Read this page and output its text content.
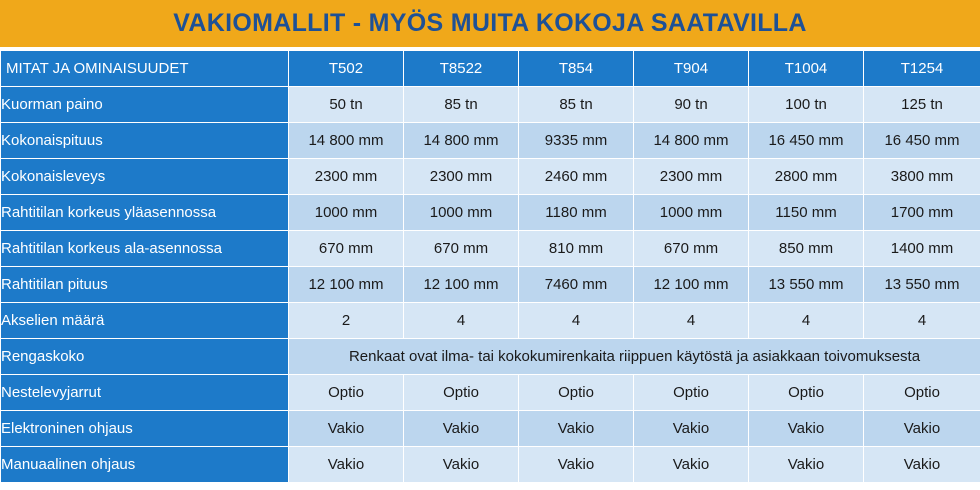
VAKIOMALLIT - MYÖS MUITA KOKOJA SAATAVILLA
MITAT JA OMINAISUUDET	T502	T8522	T854	T904	T1004	T1254
Kuorman paino	50 tn	85 tn	85 tn	90 tn	100 tn	125 tn
Kokonaispituus	14 800 mm	14 800 mm	9335 mm	14 800 mm	16 450 mm	16 450 mm
Kokonaisleveys	2300 mm	2300 mm	2460 mm	2300 mm	2800 mm	3800 mm
Rahtitilan korkeus yläasennossa	1000 mm	1000 mm	1180 mm	1000 mm	1150 mm	1700 mm
Rahtitilan korkeus ala-asennossa	670 mm	670 mm	810 mm	670 mm	850 mm	1400 mm
Rahtitilan pituus	12 100 mm	12 100 mm	7460 mm	12 100 mm	13 550 mm	13 550 mm
Akselien määrä	2	4	4	4	4	4
Rengaskoko	Renkaat ovat ilma- tai kokokumirenkaita riippuen käytöstä ja asiakkaan toivomuksesta					
Nestelevyjarrut	Optio	Optio	Optio	Optio	Optio	Optio
Elektroninen ohjaus	Vakio	Vakio	Vakio	Vakio	Vakio	Vakio
Manuaalinen ohjaus	Vakio	Vakio	Vakio	Vakio	Vakio	Vakio
